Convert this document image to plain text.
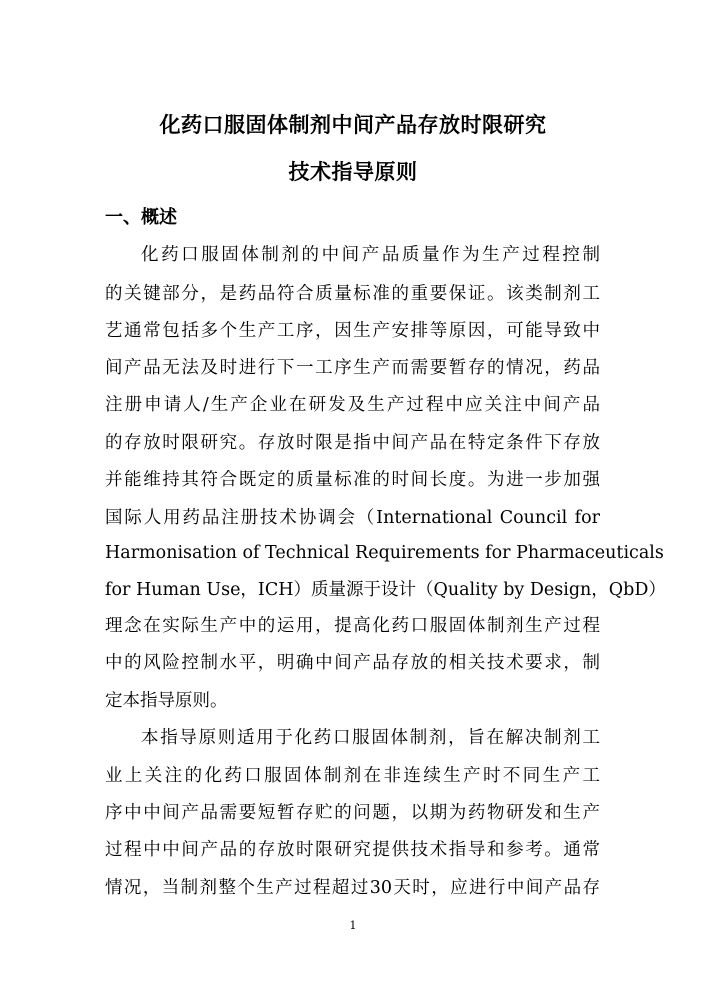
化药口服固体制剂中间产品存放时限研究
技术指导原则
一、概述
化药口服固体制剂的中间产品质量作为生产过程控制
的关键部分，是药品符合质量标准的重要保证。该类制剂工
艺通常包括多个生产工序，因生产安排等原因，可能导致中
间产品无法及时进行下一工序生产而需要暂存的情况，药品
注册申请人/生产企业在研发及生产过程中应关注中间产品
的存放时限研究。存放时限是指中间产品在特定条件下存放
并能维持其符合既定的质量标准的时间长度。为进一步加强
国际人用药品注册技术协调会（International Council for
Harmonisation of Technical Requirements for Pharmaceuticals
for Human Use，ICH）质量源于设计（Quality by Design，QbD）
理念在实际生产中的运用，提高化药口服固体制剂生产过程
中的风险控制水平，明确中间产品存放的相关技术要求，制
定本指导原则。
本指导原则适用于化药口服固体制剂，旨在解决制剂工
业上关注的化药口服固体制剂在非连续生产时不同生产工
序中中间产品需要短暂存贮的问题，以期为药物研发和生产
过程中中间产品的存放时限研究提供技术指导和参考。通常
情况，当制剂整个生产过程超过30天时，应进行中间产品存
1
